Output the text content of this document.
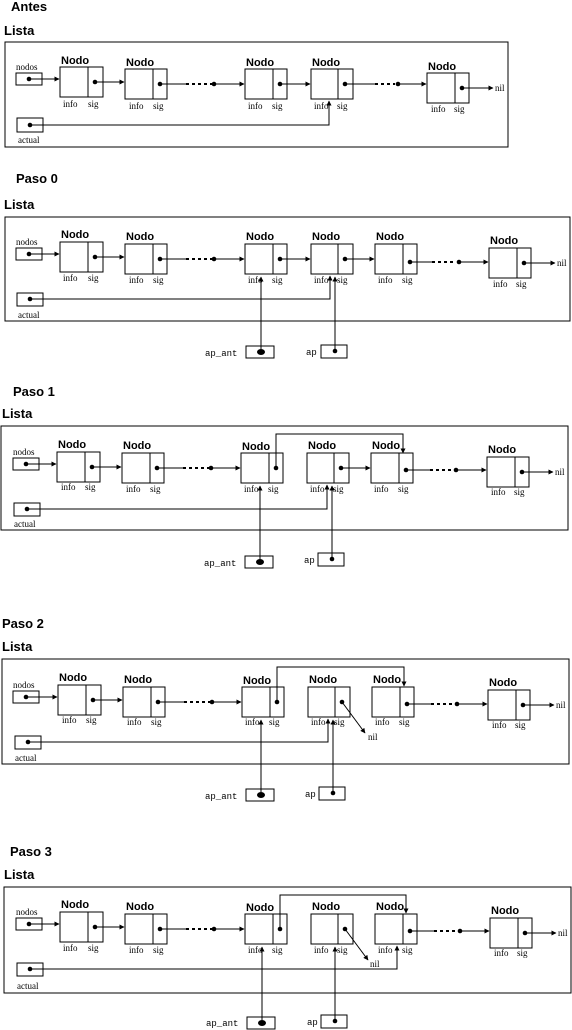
Antes
Lista
nodos Nodo
info sig
Nodo
info sig
Nodo
info sig
Nodo
info sig
Nodo
nil
info sig
actual
Paso 0
Lista
nodos
Nodo
info sig
Nodo
info sig
Nodo
info sig
Nodo
info sig
Nodo
info sig
Nodo
nil
info sig
actual
ap_ant	ap
Paso 1
Lista
nodos
Nodo
info sig
Nodo
info sig
Nodo
info sig
Nodo
info sig
Nodo
info sig
Nodo
nil
info sig
actual
ap_ant	ap
Paso 2
Lista
nodos
Nodo
info sig
Nodo
info sig
Nodo
info sig
Nodo
nil
info sig
Nodo
info sig
Nodo
nil
info sig
actual
ap_ant	ap
Paso 3
Lista
nodos
Nodo
info sig
Nodo
info sig
Nodo
info sig
Nodo
nil
info sig
Nodo
info sig
Nodo
nil
info sig
actual
ap_ant	ap
